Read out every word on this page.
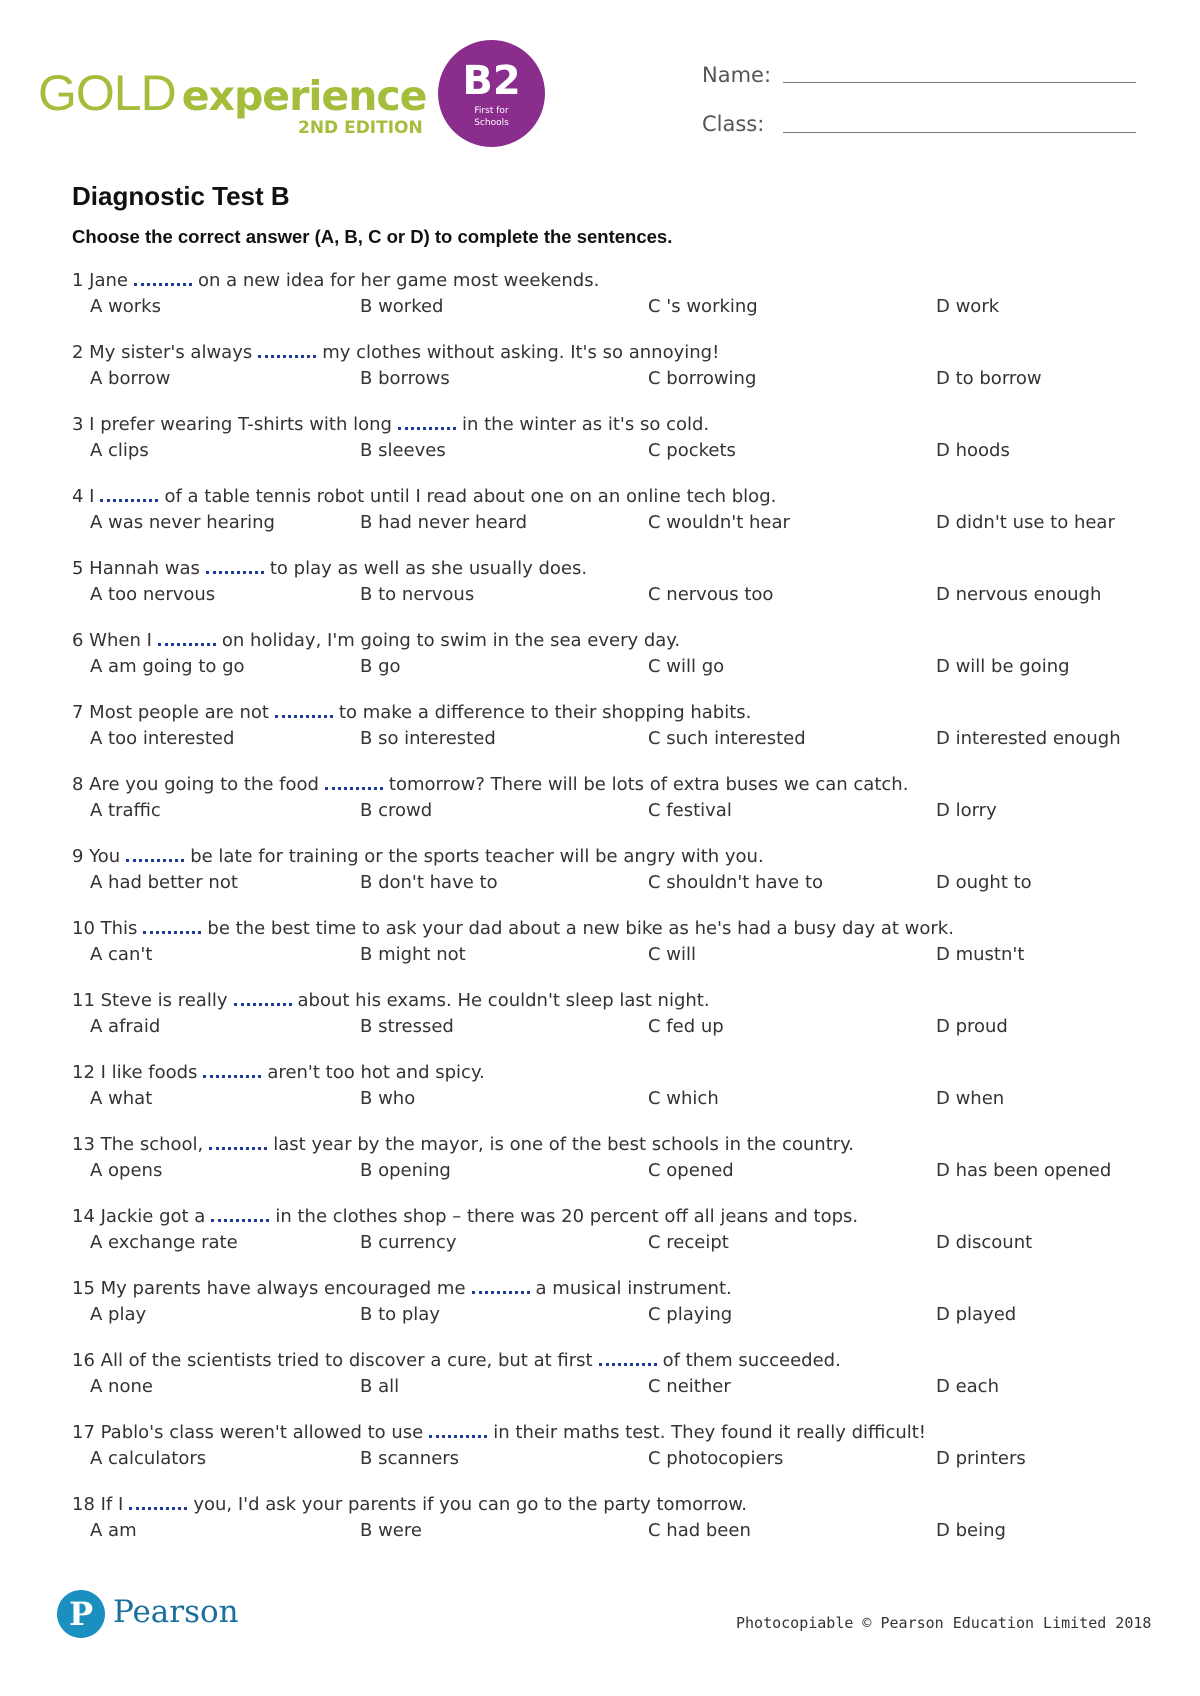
GOLD experience
2ND EDITION
B2
First for
Schools
Name:
Class:
Diagnostic Test B
Choose the correct answer (A, B, C or D) to complete the sentences.
1 Jane	on a new idea for her game most weekends.
A works	B worked	C 's working	D work
2 My sister's always	my clothes without asking. It's so annoying!
A borrow	B borrows	C borrowing	D to borrow
3 I prefer wearing T-shirts with long	in the winter as it's so cold.
A clips	B sleeves	C pockets	D hoods
4 I	of a table tennis robot until I read about one on an online tech blog.
A was never hearing	B had never heard	C wouldn't hear	D didn't use to hear
5 Hannah was	to play as well as she usually does.
A too nervous	B to nervous	C nervous too	D nervous enough
6 When I	on holiday, I'm going to swim in the sea every day.
A am going to go	B go	C will go	D will be going
7 Most people are not	to make a difference to their shopping habits.
A too interested	B so interested	C such interested	D interested enough
8 Are you going to the food	tomorrow? There will be lots of extra buses we can catch.
A traffic	B crowd	C festival	D lorry
9 You	be late for training or the sports teacher will be angry with you.
A had better not	B don't have to	C shouldn't have to	D ought to
10 This	be the best time to ask your dad about a new bike as he's had a busy day at work.
A can't	B might not	C will	D mustn't
11 Steve is really	about his exams. He couldn't sleep last night.
A afraid	B stressed	C fed up	D proud
12 I like foods	aren't too hot and spicy.
A what	B who	C which	D when
13 The school,	last year by the mayor, is one of the best schools in the country.
A opens	B opening	C opened	D has been opened
14 Jackie got a	in the clothes shop – there was 20 percent off all jeans and tops.
A exchange rate	B currency	C receipt	D discount
15 My parents have always encouraged me	a musical instrument.
A play	B to play	C playing	D played
16 All of the scientists tried to discover a cure, but at first	of them succeeded.
A none	B all	C neither	D each
17 Pablo's class weren't allowed to use	in their maths test. They found it really difficult!
A calculators	B scanners	C photocopiers	D printers
18 If I	you, I'd ask your parents if you can go to the party tomorrow.
A am	B were	C had been	D being
P Pearson	Photocopiable © Pearson Education Limited 2018
